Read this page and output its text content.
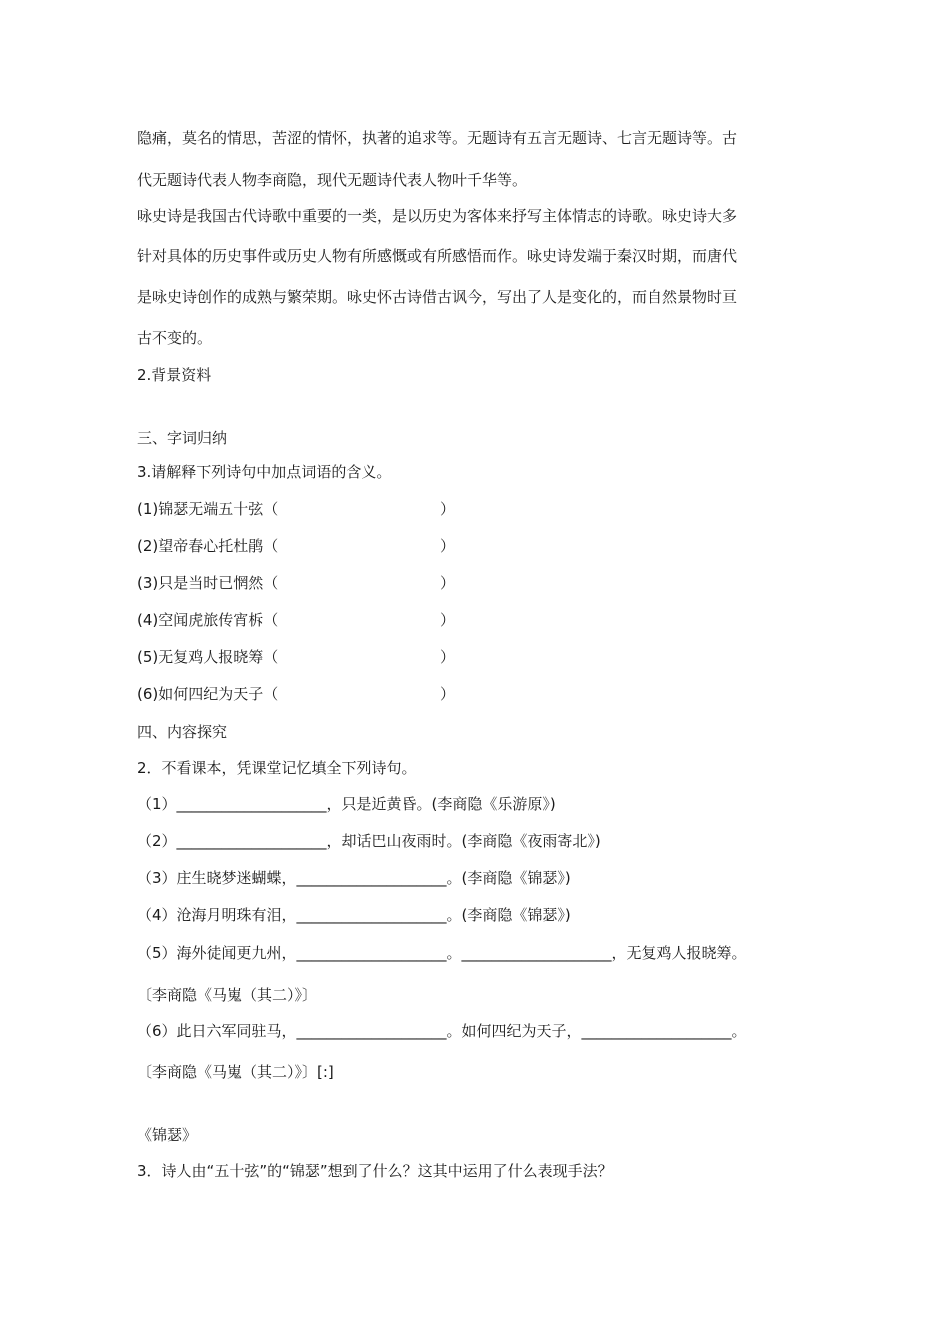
隐痛，莫名的情思，苦涩的情怀，执著的追求等。无题诗有五言无题诗、七言无题诗等。古
代无题诗代表人物李商隐，现代无题诗代表人物叶千华等。
咏史诗是我国古代诗歌中重要的一类，是以历史为客体来抒写主体情志的诗歌。咏史诗大多
针对具体的历史事件或历史人物有所感慨或有所感悟而作。咏史诗发端于秦汉时期，而唐代
是咏史诗创作的成熟与繁荣期。咏史怀古诗借古讽今，写出了人是变化的，而自然景物时亘
古不变的。
2.背景资料
三、字词归纳
3.请解释下列诗句中加点词语的含义。
(1)锦瑟无端五十弦（	）
(2)望帝春心托杜鹃（	）
(3)只是当时已惘然（	）
(4)空闻虎旅传宵柝（	）
(5)无复鸡人报晓筹（	）
(6)如何四纪为天子（	）
四、内容探究
2．不看课本，凭课堂记忆填全下列诗句。
（1）____________________，只是近黄昏。(李商隐《乐游原》)
（2）____________________，却话巴山夜雨时。(李商隐《夜雨寄北》)
（3）庄生晓梦迷蝴蝶，____________________。(李商隐《锦瑟》)
（4）沧海月明珠有泪，____________________。(李商隐《锦瑟》)
（5）海外徒闻更九州，____________________。____________________，无复鸡人报晓筹。
〔李商隐《马嵬（其二）》〕
（6）此日六军同驻马，____________________。如何四纪为天子，____________________。
〔李商隐《马嵬（其二）》〕[:]
《锦瑟》
3．诗人由“五十弦”的“锦瑟”想到了什么？这其中运用了什么表现手法？
